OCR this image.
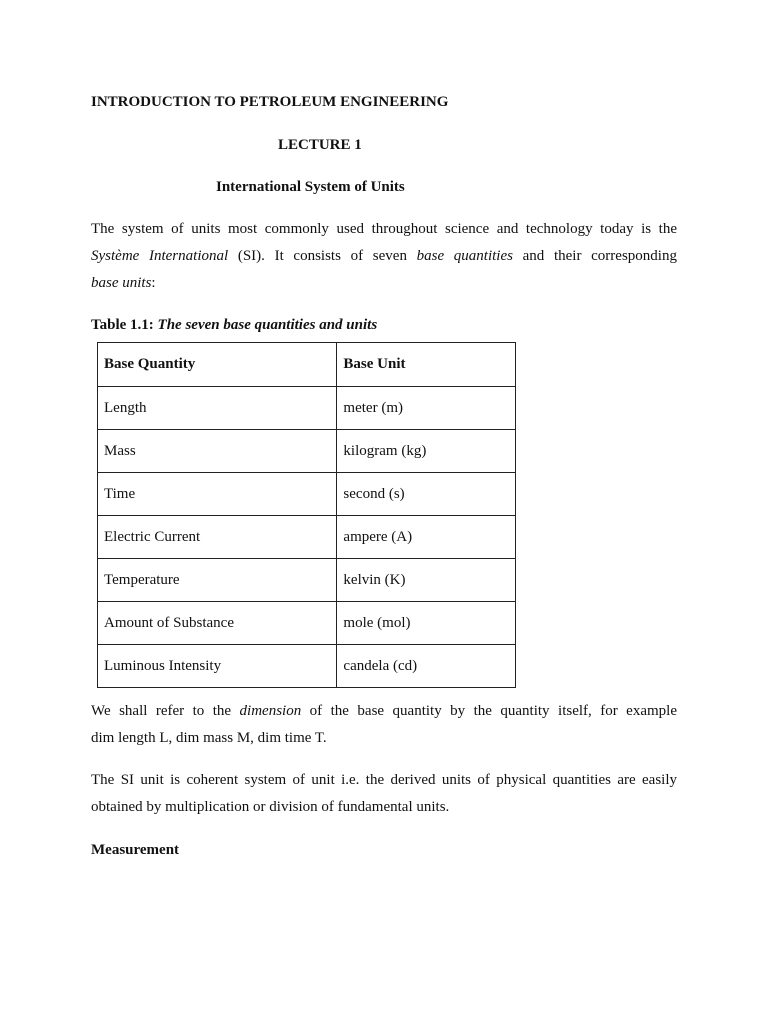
INTRODUCTION TO PETROLEUM ENGINEERING
LECTURE 1
International System of Units
The system of units most commonly used throughout science and technology today is the
Système International (SI). It consists of seven base quantities and their corresponding
base units:
Table 1.1: The seven base quantities and units
Base Quantity	Base Unit
Length	meter (m)
Mass	kilogram (kg)
Time	second (s)
Electric Current	ampere (A)
Temperature	kelvin (K)
Amount of Substance	mole (mol)
Luminous Intensity	candela (cd)
We shall refer to the dimension of the base quantity by the quantity itself, for example
dim length L, dim mass M, dim time T.
The SI unit is coherent system of unit i.e. the derived units of physical quantities are easily
obtained by multiplication or division of fundamental units.
Measurement
